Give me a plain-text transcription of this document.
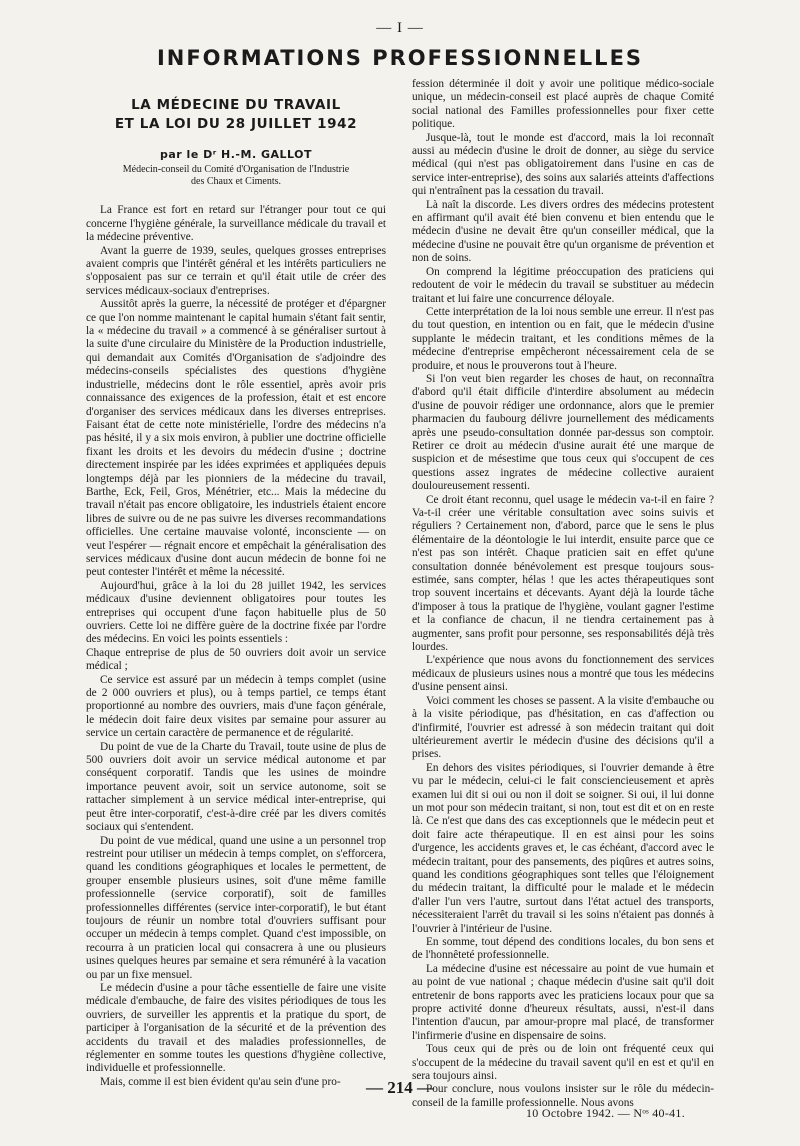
— I —
INFORMATIONS PROFESSIONNELLES
LA MÉDECINE DU TRAVAIL
ET LA LOI DU 28 JUILLET 1942
par le Dʳ H.-M. GALLOT
Médecin-conseil du Comité d'Organisation de l'Industrie
des Chaux et Ciments.

La France est fort en retard sur l'étranger pour tout ce qui concerne l'hygiène générale, la surveillance médicale du travail et la médecine préventive.

Avant la guerre de 1939, seules, quelques grosses entreprises avaient compris que l'intérêt général et les intérêts particuliers ne s'opposaient pas sur ce terrain et qu'il était utile de créer des services médicaux-sociaux d'entreprises.

Aussitôt après la guerre, la nécessité de protéger et d'épargner ce que l'on nomme maintenant le capital humain s'étant fait sentir, la « médecine du travail » a commencé à se généraliser surtout à la suite d'une circulaire du Ministère de la Production industrielle, qui demandait aux Comités d'Organisation de s'adjoindre des médecins-conseils spécialistes des questions d'hygiène industrielle, médecins dont le rôle essentiel, après avoir pris connaissance des exigences de la profession, était et est encore d'organiser des services médicaux dans les diverses entreprises. Faisant état de cette note ministérielle, l'ordre des médecins n'a pas hésité, il y a six mois environ, à publier une doctrine officielle fixant les droits et les devoirs du médecin d'usine ; doctrine directement inspirée par les idées exprimées et appliquées depuis longtemps déjà par les pionniers de la médecine du travail, Barthe, Eck, Feil, Gros, Ménétrier, etc... Mais la médecine du travail n'était pas encore obligatoire, les industriels étaient encore libres de suivre ou de ne pas suivre les diverses recommandations officielles. Une certaine mauvaise volonté, inconsciente — on veut l'espérer — régnait encore et empêchait la généralisation des services médicaux d'usine dont aucun médecin de bonne foi ne peut contester l'intérêt et même la nécessité.

Aujourd'hui, grâce à la loi du 28 juillet 1942, les services médicaux d'usine deviennent obligatoires pour toutes les entreprises qui occupent d'une façon habituelle plus de 50 ouvriers. Cette loi ne diffère guère de la doctrine fixée par l'ordre des médecins. En voici les points essentiels :

Chaque entreprise de plus de 50 ouvriers doit avoir un service médical ;

Ce service est assuré par un médecin à temps complet (usine de 2 000 ouvriers et plus), ou à temps partiel, ce temps étant proportionné au nombre des ouvriers, mais d'une façon générale, le médecin doit faire deux visites par semaine pour assurer au service un certain caractère de permanence et de régularité.

Du point de vue de la Charte du Travail, toute usine de plus de 500 ouvriers doit avoir un service médical autonome et par conséquent corporatif. Tandis que les usines de moindre importance peuvent avoir, soit un service autonome, soit se rattacher simplement à un service médical inter-entreprise, qui peut être inter-corporatif, c'est-à-dire créé par les divers comités sociaux qui s'entendent.

Du point de vue médical, quand une usine a un personnel trop restreint pour utiliser un médecin à temps complet, on s'efforcera, quand les conditions géographiques et locales le permettent, de grouper ensemble plusieurs usines, soit d'une même famille professionnelle (service corporatif), soit de familles professionnelles différentes (service inter-corporatif), le but étant toujours de réunir un nombre total d'ouvriers suffisant pour occuper un médecin à temps complet. Quand c'est impossible, on recourra à un praticien local qui consacrera à une ou plusieurs usines quelques heures par semaine et sera rémunéré à la vacation ou par un fixe mensuel.

Le médecin d'usine a pour tâche essentielle de faire une visite médicale d'embauche, de faire des visites périodiques de tous les ouvriers, de surveiller les apprentis et la pratique du sport, de participer à l'organisation de la sécurité et de la prévention des accidents du travail et des maladies professionnelles, de réglementer en somme toutes les questions d'hygiène collective, individuelle et professionnelle.

Mais, comme il est bien évident qu'au sein d'une pro-

fession déterminée il doit y avoir une politique médico-sociale unique, un médecin-conseil est placé auprès de chaque Comité social national des Familles professionnelles pour fixer cette politique.

Jusque-là, tout le monde est d'accord, mais la loi reconnaît aussi au médecin d'usine le droit de donner, au siège du service médical (qui n'est pas obligatoirement dans l'usine en cas de service inter-entreprise), des soins aux salariés atteints d'affections qui n'entraînent pas la cessation du travail.

Là naît la discorde. Les divers ordres des médecins protestent en affirmant qu'il avait été bien convenu et bien entendu que le médecin d'usine ne devait être qu'un conseiller médical, que la médecine d'usine ne pouvait être qu'un organisme de prévention et non de soins.

On comprend la légitime préoccupation des praticiens qui redoutent de voir le médecin du travail se substituer au médecin traitant et lui faire une concurrence déloyale.

Cette interprétation de la loi nous semble une erreur. Il n'est pas du tout question, en intention ou en fait, que le médecin d'usine supplante le médecin traitant, et les conditions mêmes de la médecine d'entreprise empêcheront nécessairement cela de se produire, et nous le prouverons tout à l'heure.

Si l'on veut bien regarder les choses de haut, on reconnaîtra d'abord qu'il était difficile d'interdire absolument au médecin d'usine de pouvoir rédiger une ordonnance, alors que le premier pharmacien du faubourg délivre journellement des médicaments après une pseudo-consultation donnée par-dessus son comptoir. Retirer ce droit au médecin d'usine aurait été une marque de suspicion et de mésestime que tous ceux qui s'occupent de ces questions assez ingrates de médecine collective auraient douloureusement ressenti.

Ce droit étant reconnu, quel usage le médecin va-t-il en faire ? Va-t-il créer une véritable consultation avec soins suivis et réguliers ? Certainement non, d'abord, parce que le sens le plus élémentaire de la déontologie le lui interdit, ensuite parce que ce n'est pas son intérêt. Chaque praticien sait en effet qu'une consultation donnée bénévolement est presque toujours sous-estimée, sans compter, hélas ! que les actes thérapeutiques sont trop souvent incertains et décevants. Ayant déjà la lourde tâche d'imposer à tous la pratique de l'hygiène, voulant gagner l'estime et la confiance de chacun, il ne tiendra certainement pas à augmenter, sans profit pour personne, ses responsabilités déjà très lourdes.

L'expérience que nous avons du fonctionnement des services médicaux de plusieurs usines nous a montré que tous les médecins d'usine pensent ainsi.

Voici comment les choses se passent. A la visite d'embauche ou à la visite périodique, pas d'hésitation, en cas d'affection ou d'infirmité, l'ouvrier est adressé à son médecin traitant qui doit ultérieurement avertir le médecin d'usine des décisions qu'il a prises.

En dehors des visites périodiques, si l'ouvrier demande à être vu par le médecin, celui-ci le fait consciencieusement et après examen lui dit si oui ou non il doit se soigner. Si oui, il lui donne un mot pour son médecin traitant, si non, tout est dit et on en reste là. Ce n'est que dans des cas exceptionnels que le médecin peut et doit faire acte thérapeutique. Il en est ainsi pour les soins d'urgence, les accidents graves et, le cas échéant, d'accord avec le médecin traitant, pour des pansements, des piqûres et autres soins, quand les conditions géographiques sont telles que l'éloignement du médecin traitant, la difficulté pour le malade et le médecin d'aller l'un vers l'autre, surtout dans l'état actuel des transports, nécessiteraient l'arrêt du travail si les soins n'étaient pas donnés à l'ouvrier à l'intérieur de l'usine.

En somme, tout dépend des conditions locales, du bon sens et de l'honnêteté professionnelle.

La médecine d'usine est nécessaire au point de vue humain et au point de vue national ; chaque médecin d'usine sait qu'il doit entretenir de bons rapports avec les praticiens locaux pour que sa propre activité donne d'heureux résultats, aussi, n'est-il dans l'intention d'aucun, par amour-propre mal placé, de transformer l'infirmerie d'usine en dispensaire de soins.

Tous ceux qui de près ou de loin ont fréquenté ceux qui s'occupent de la médecine du travail savent qu'il en est et qu'il en sera toujours ainsi.

Pour conclure, nous voulons insister sur le rôle du médecin-conseil de la famille professionnelle. Nous avons

— 214 —
10 Octobre 1942. — Nᵒˢ 40-41.
